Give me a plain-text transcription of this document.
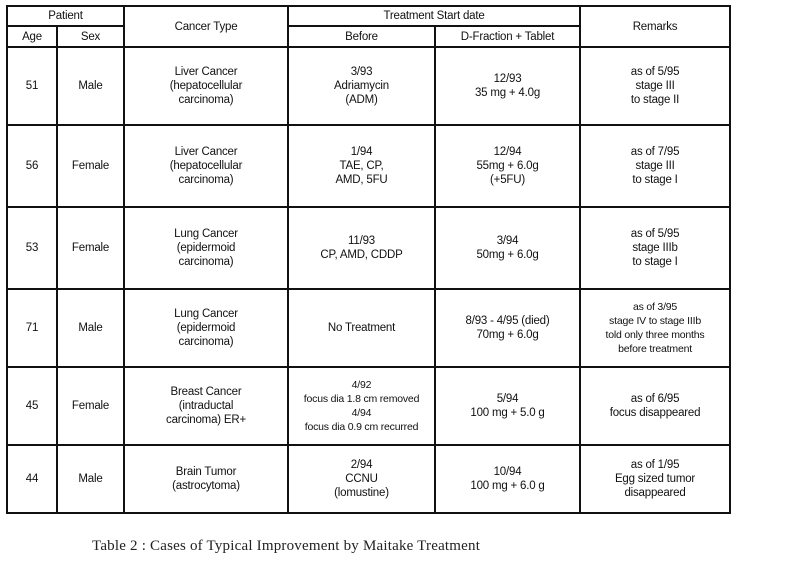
Patient		Cancer Type	Treatment Start date		Remarks
Age	Sex		Before	D-Fraction + Tablet	
51	Male	Liver Cancer
(hepatocellular
carcinoma)	3/93
Adriamycin
(ADM)	12/93
35 mg + 4.0g	as of 5/95
stage III
to stage II

56	Female	Liver Cancer
(hepatocellular
carcinoma)	1/94
TAE, CP,
AMD, 5FU	12/94
55mg + 6.0g
(+5FU)	as of 7/95
stage III
to stage I

53	Female	Lung Cancer
(epidermoid
carcinoma)	11/93
CP, AMD, CDDP	3/94
50mg + 6.0g	as of 5/95
stage IIIb
to stage I

71	Male	Lung Cancer
(epidermoid
carcinoma)	No Treatment	8/93 - 4/95 (died)
70mg + 6.0g	as of 3/95
stage IV to stage IIIb
told only three months
before treatment

45	Female	Breast Cancer
(intraductal
carcinoma) ER+	4/92
focus dia 1.8 cm removed
4/94
focus dia 0.9 cm recurred	5/94
100 mg + 5.0 g	as of 6/95
focus disappeared

44	Male	Brain Tumor
(astrocytoma)	2/94
CCNU
(lomustine)	10/94
100 mg + 6.0 g	as of 1/95
Egg sized tumor
disappeared
Table 2 : Cases of Typical Improvement by Maitake Treatment
